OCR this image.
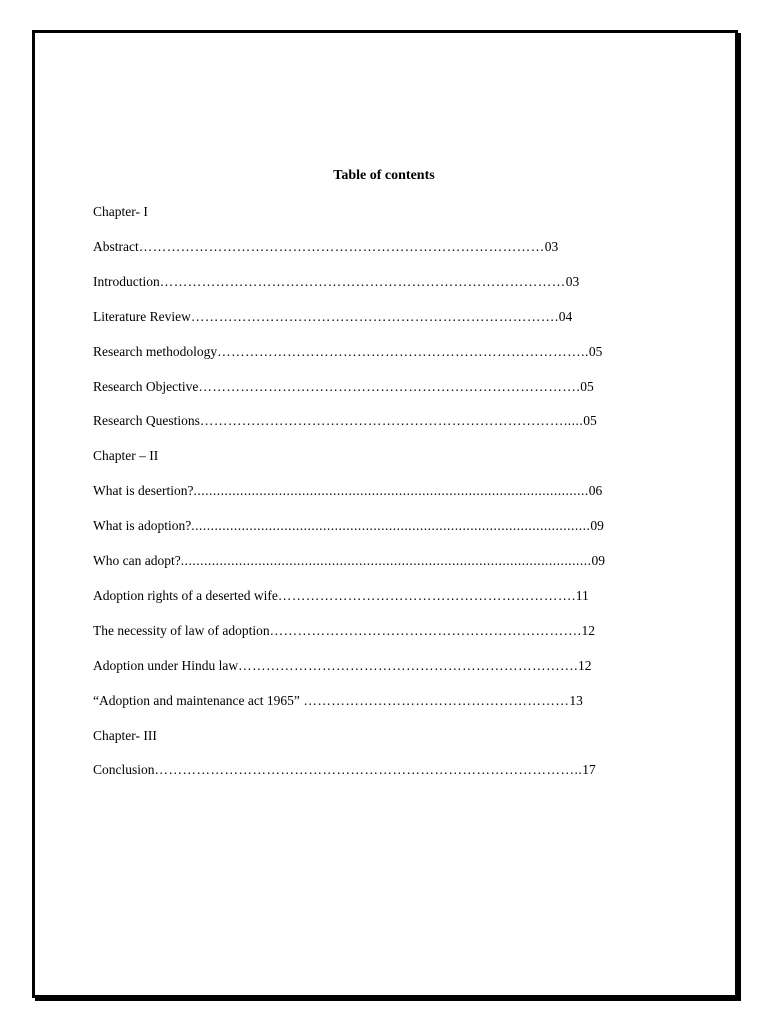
Table of contents
Chapter- I
Abstract……………………………………………………………………………03
Introduction……………………………………………………………………………03
Literature Review…………………………………………………………………….04
Research methodology……………………………………………………………………..05
Research Objective……………………………………………………………………….05
Research Questions…………………………………………………………………….....05
Chapter – II
What is desertion?......................................................................................................06
What is adoption?.......................................................................................................09
Who can adopt?..........................................................................................................09
Adoption rights of a deserted wife……………………………………………………….11
The necessity of law of adoption………………………………………………………….12
Adoption under Hindu law……………………………………………………………….12
“Adoption and maintenance act 1965” …………………………………………………13
Chapter- III
Conclusion………………………………………………………………………………..17
